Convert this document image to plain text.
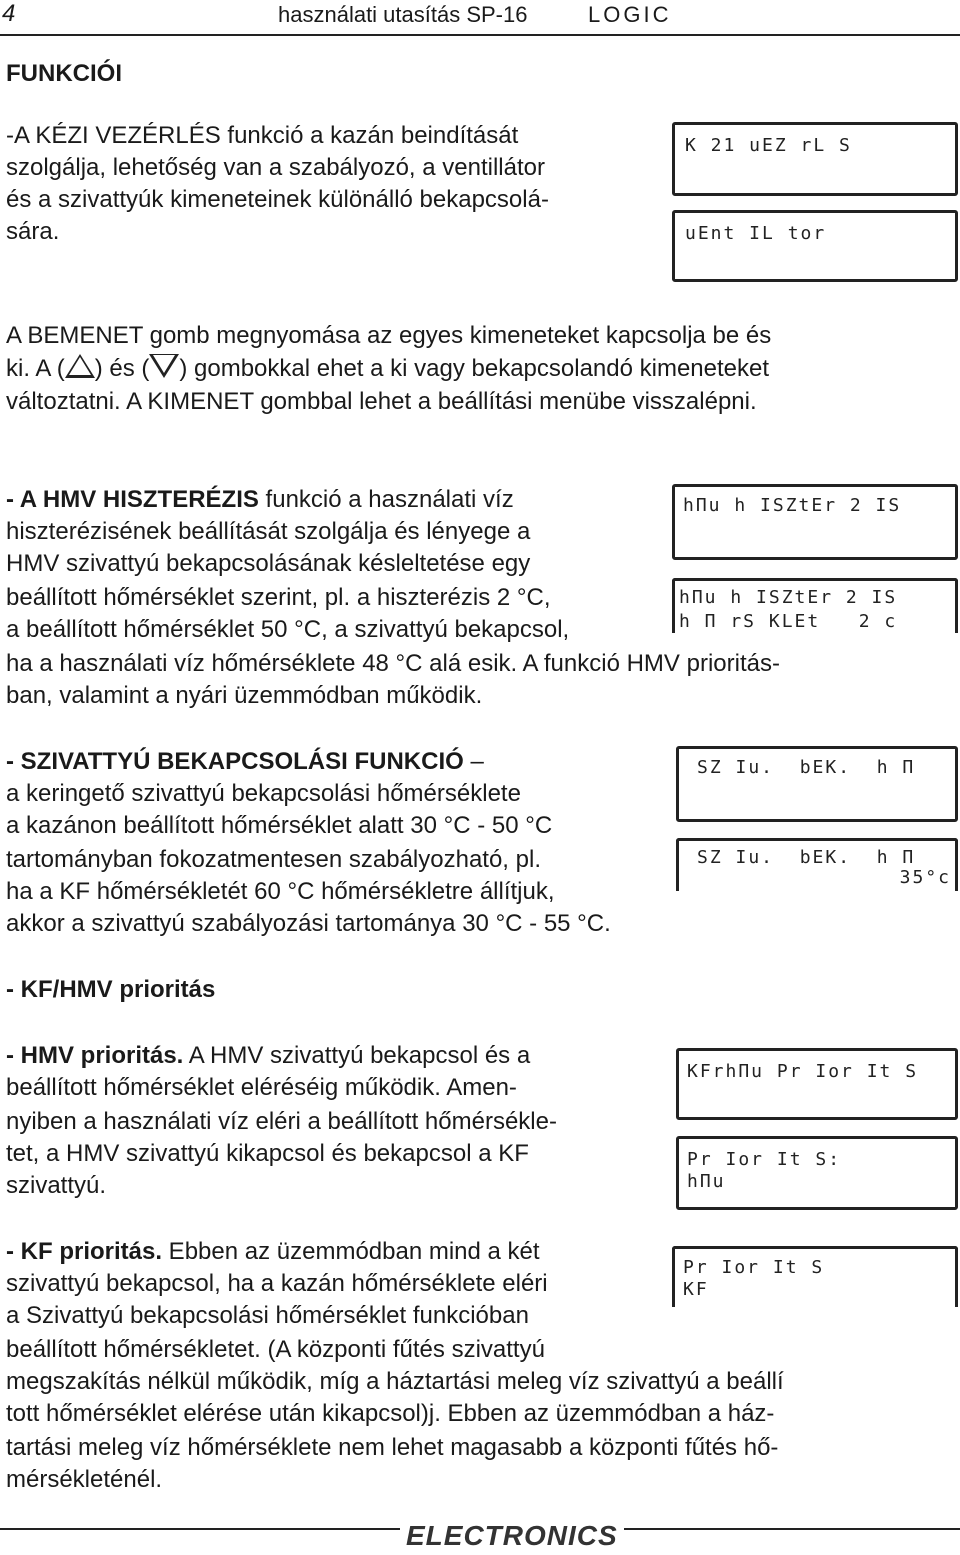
4	használati utasítás SP-16	LOGIC
FUNKCIÓI
-A KÉZI VEZÉRLÉS funkció a kazán beindítását
szolgálja, lehetőség van a szabályozó, a ventillátor
és a szivattyúk kimeneteinek különálló bekapcsolá-
sára.
K 21 uEZ rL S
uEnt IL tor
A BEMENET gomb megnyomása az egyes kimeneteket kapcsolja be és
ki. A ( ) és ( ) gombokkal ehet a ki vagy bekapcsolandó kimeneteket
változtatni. A KIMENET gombbal lehet a beállítási menübe visszalépni.
- A HMV HISZTERÉZIS funkció a használati víz
hiszterézisének beállítását szolgálja és lényege a
HMV szivattyú bekapcsolásának késleltetése egy
beállított hőmérséklet szerint, pl. a hiszterézis 2 °C,
a beállított hőmérséklet 50 °C, a szivattyú bekapcsol,
ha a használati víz hőmérséklete 48 °C alá esik. A funkció HMV prioritás-
ban, valamint a nyári üzemmódban működik.
hΠu h ISZtEr 2 IS
hΠu h ISZtEr 2 IS
h Π rS KLEt   2 c
- SZIVATTYÚ BEKAPCSOLÁSI FUNKCIÓ –
a keringető szivattyú bekapcsolási hőmérséklete
a kazánon beállított hőmérséklet alatt 30 °C - 50 °C
tartományban fokozatmentesen szabályozható, pl.
ha a KF hőmérsékletét 60 °C hőmérsékletre állítjuk,
akkor a szivattyú szabályozási tartománya 30 °C - 55 °C.
SZ Iu.  bEK.  h Π
SZ Iu.  bEK.  h Π
35°c
- KF/HMV prioritás
- HMV prioritás. A HMV szivattyú bekapcsol és a
beállított hőmérséklet eléréséig működik. Amen-
nyiben a használati víz eléri a beállított hőmérsékle-
tet, a HMV szivattyú kikapcsol és bekapcsol a KF
szivattyú.
KFrhΠu Pr Ior It S
Pr Ior It S:
hΠu
- KF prioritás. Ebben az üzemmódban mind a két
szivattyú bekapcsol, ha a kazán hőmérséklete eléri
a Szivattyú bekapcsolási hőmérséklet funkcióban
beállított hőmérsékletet. (A központi fűtés szivattyú
megszakítás nélkül működik, míg a háztartási meleg víz szivattyú a beállí
tott hőmérséklet elérése után kikapcsol)j. Ebben az üzemmódban a ház-
tartási meleg víz hőmérséklete nem lehet magasabb a központi fűtés hő-
mérsékleténél.
Pr Ior It S
KF
ELECTRONICS
